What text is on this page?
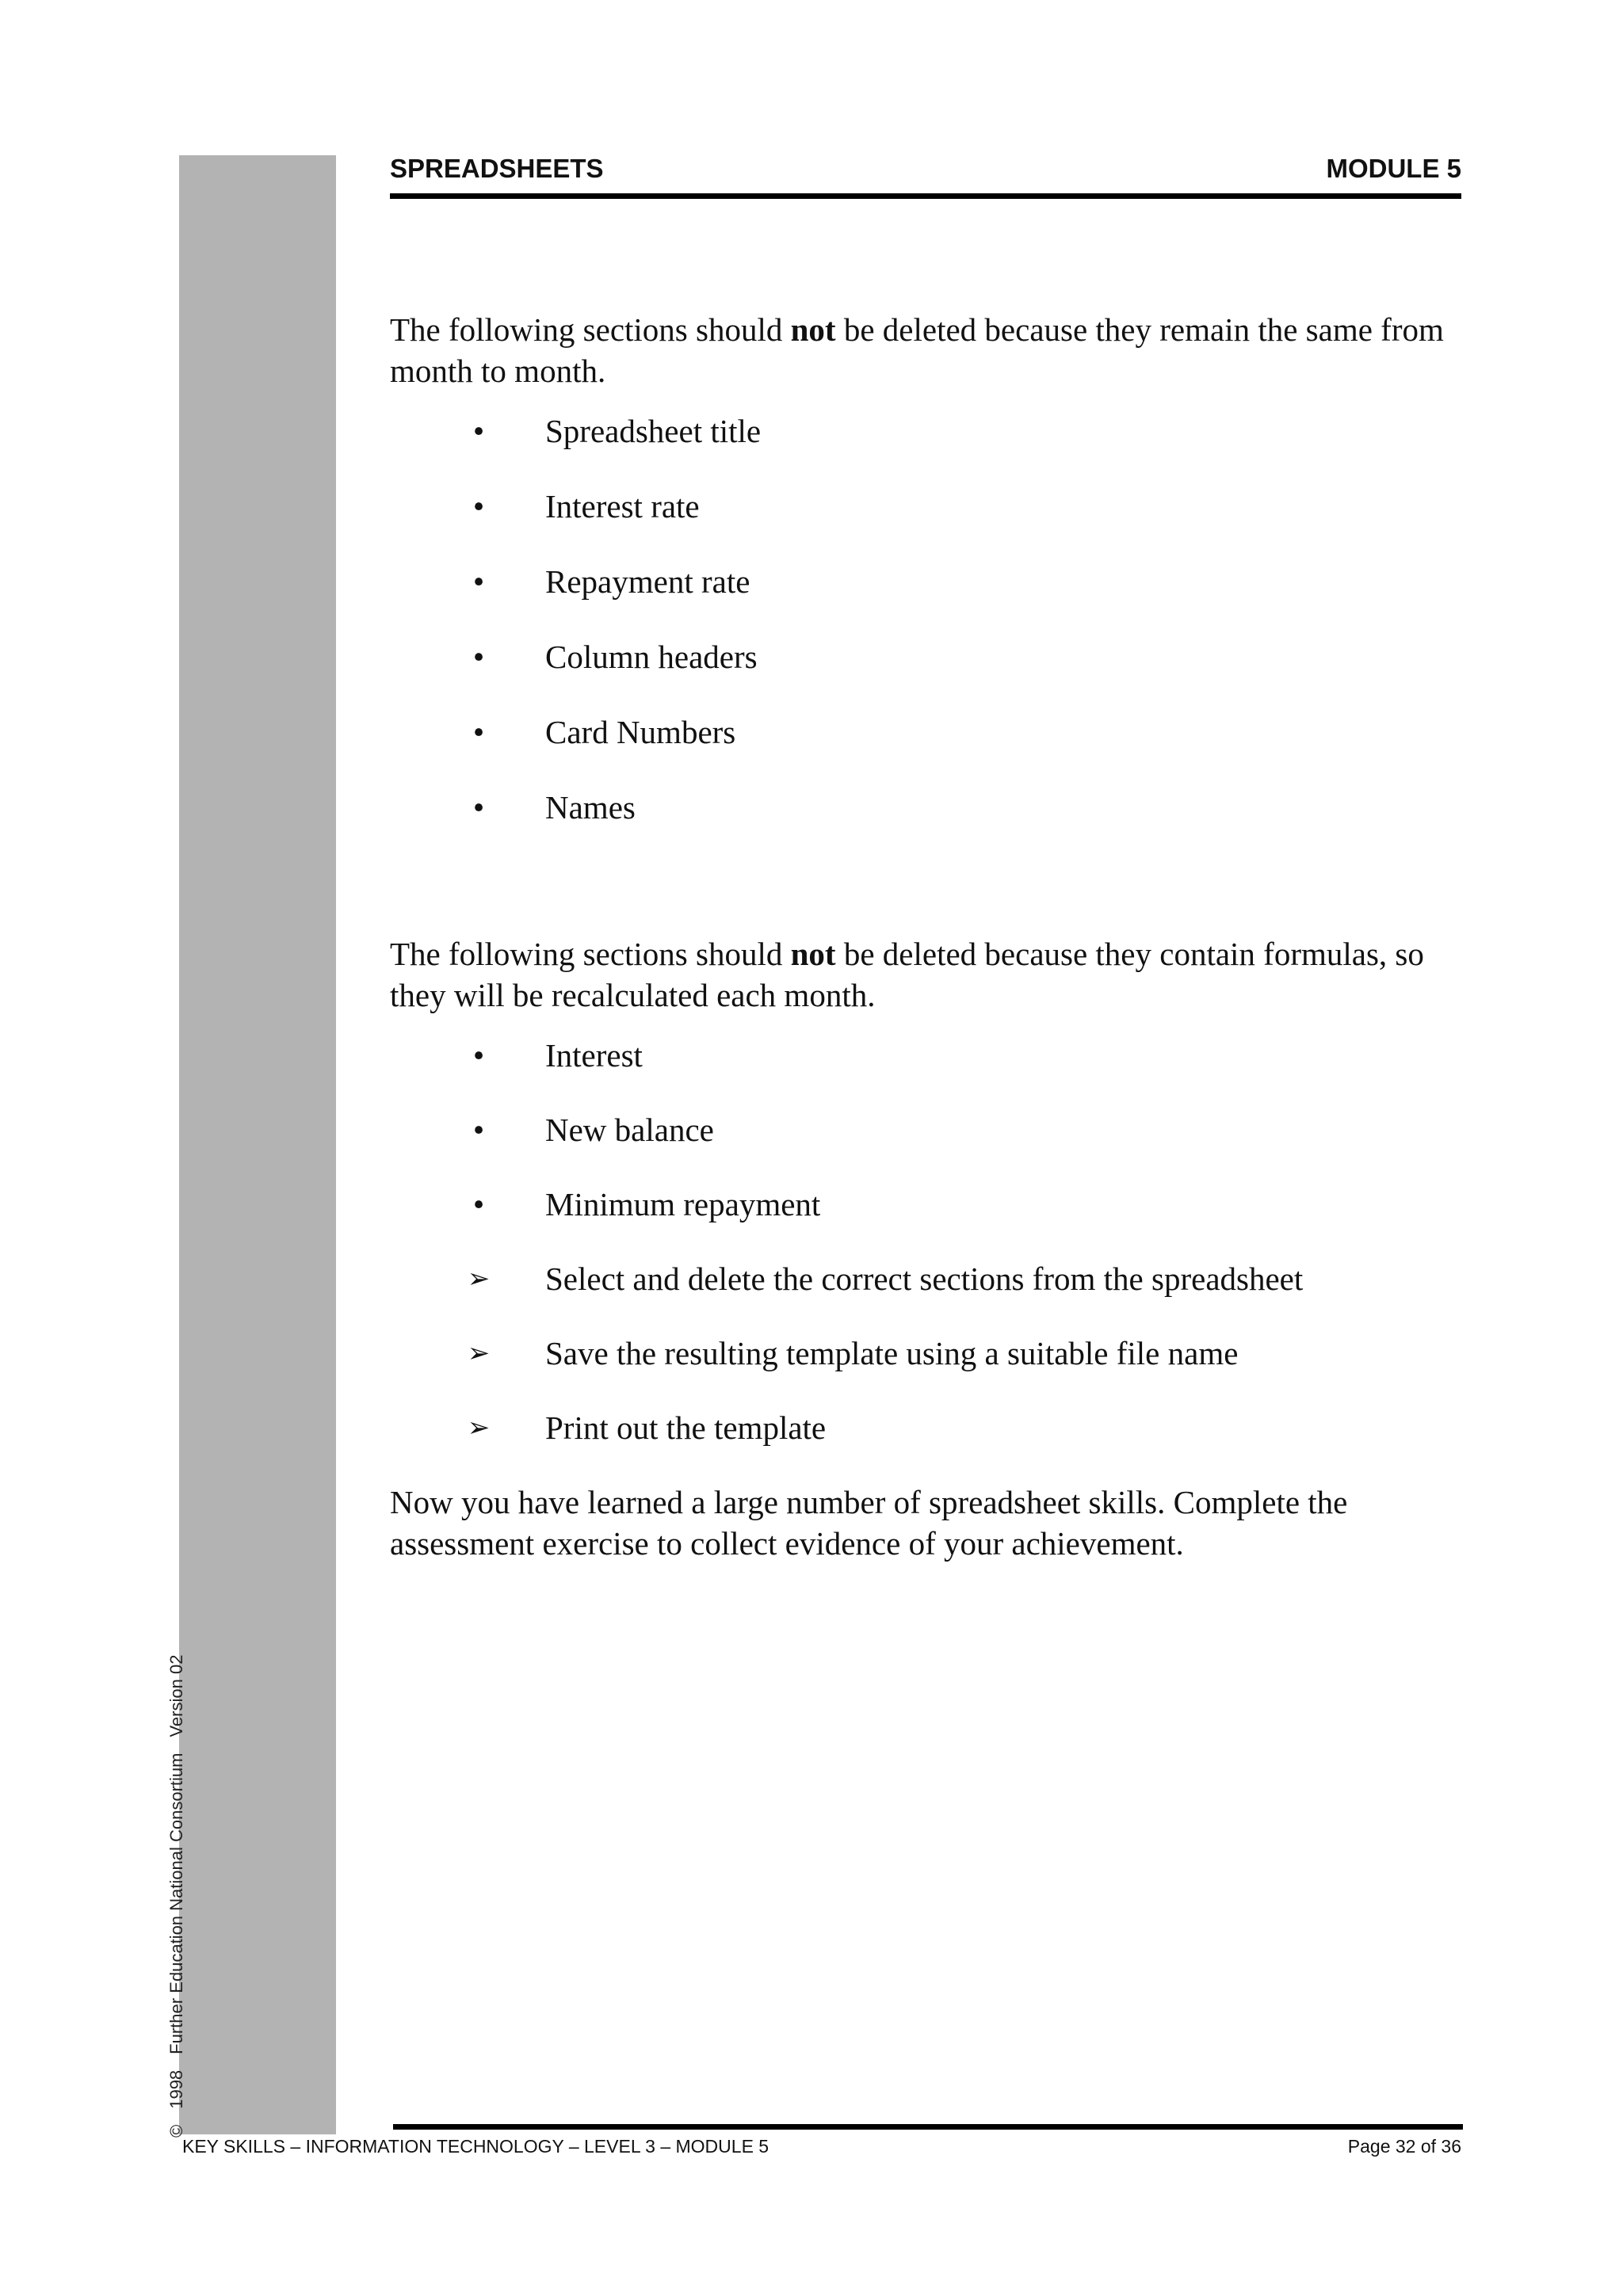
©1998Further Education National ConsortiumVersion 02
SPREADSHEETS	MODULE 5

The following sections should not be deleted because they remain the same from month to month.

•	Spreadsheet title
•	Interest rate
•	Repayment rate
•	Column headers
•	Card Numbers
•	Names

The following sections should not be deleted because they contain formulas, so they will be recalculated each month.

•	Interest
•	New balance
•	Minimum repayment
➢ Select and delete the correct sections from the spreadsheet
➢ Save the resulting template using a suitable file name
➢ Print out the template

Now you have learned a large number of spreadsheet skills. Complete the assessment exercise to collect evidence of your achievement.

KEY SKILLS – INFORMATION TECHNOLOGY – LEVEL 3 – MODULE 5	Page 32 of 36
